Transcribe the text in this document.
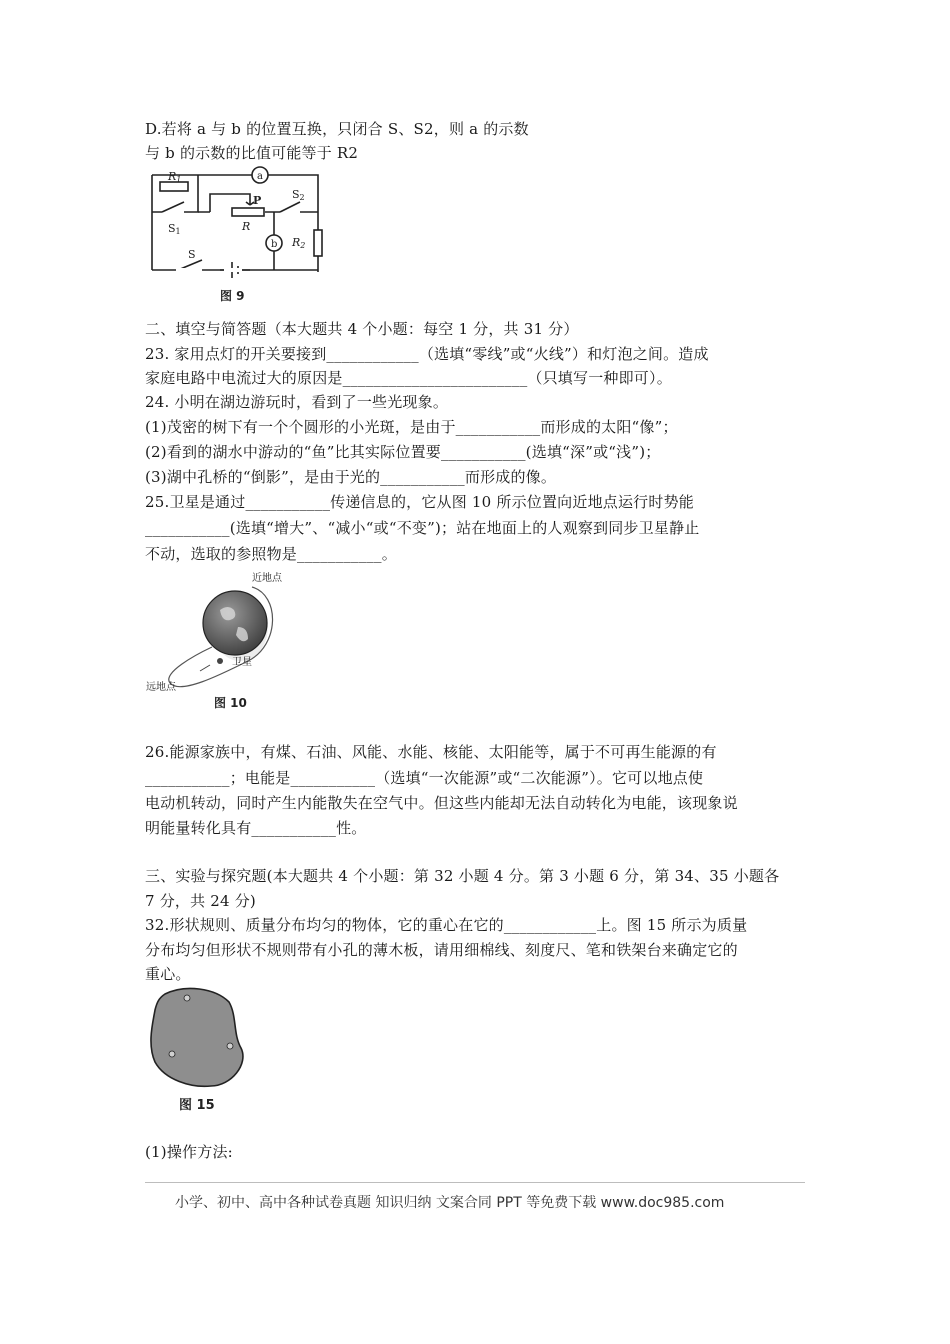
D.若将 a 与 b 的位置互换，只闭合 S、S2，则 a 的示数
与 b 的示数的比值可能等于 R2
R1
S1
a
P
R
S2
b R2
S
图 9
二、填空与简答题（本大题共 4 个小题：每空 1 分，共 31 分）
23. 家用点灯的开关要接到____________（选填“零线”或“火线”）和灯泡之间。造成
家庭电路中电流过大的原因是________________________（只填写一种即可）。
24. 小明在湖边游玩时，看到了一些光现象。
(1)茂密的树下有一个个圆形的小光斑，是由于___________而形成的太阳“像”；
(2)看到的湖水中游动的“鱼”比其实际位置要___________(选填“深”或“浅”)；
(3)湖中孔桥的“倒影”，是由于光的___________而形成的像。
25.卫星是通过___________传递信息的，它从图 10 所示位置向近地点运行时势能
___________(选填“增大”、“减小“或“不变”)；站在地面上的人观察到同步卫星静止
不动，选取的参照物是___________。
近地点
卫星
远地点
图 10
26.能源家族中，有煤、石油、风能、水能、核能、太阳能等，属于不可再生能源的有
___________；电能是___________（选填“一次能源”或“二次能源”）。它可以地点使
电动机转动，同时产生内能散失在空气中。但这些内能却无法自动转化为电能，该现象说
明能量转化具有___________性。
三、实验与探究题(本大题共 4 个小题：第 32 小题 4 分。第 3 小题 6 分，第 34、35 小题各
7 分，共 24 分)
32.形状规则、质量分布均匀的物体，它的重心在它的____________上。图 15 所示为质量
分布均匀但形状不规则带有小孔的薄木板，请用细棉线、刻度尺、笔和铁架台来确定它的
重心。
图 15
(1)操作方法:
小学、初中、高中各种试卷真题 知识归纳 文案合同 PPT 等免费下载 www.doc985.com
